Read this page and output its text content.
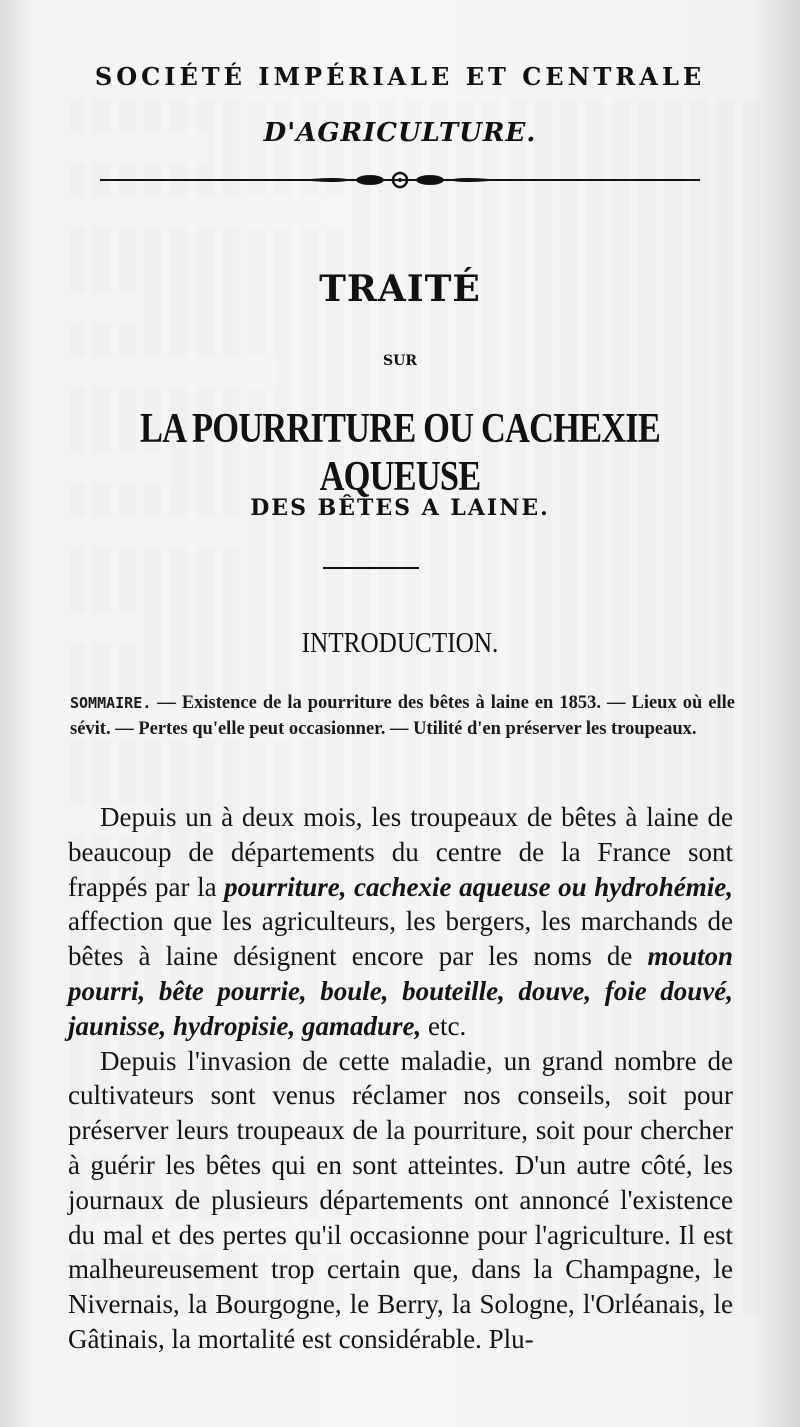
SOCIÉTÉ IMPÉRIALE ET CENTRALE
D'AGRICULTURE.
TRAITÉ
SUR
LA POURRITURE OU CACHEXIE AQUEUSE
DES BÊTES A LAINE.
INTRODUCTION.
SOMMAIRE. — Existence de la pourriture des bêtes à laine en 1853. — Lieux où elle sévit. — Pertes qu'elle peut occasionner. — Utilité d'en préserver les troupeaux.

Depuis un à deux mois, les troupeaux de bêtes à laine de beaucoup de départements du centre de la France sont frappés par la pourriture, cachexie aqueuse ou hydrohémie, affection que les agriculteurs, les bergers, les marchands de bêtes à laine désignent encore par les noms de mouton pourri, bête pourrie, boule, bouteille, douve, foie douvé, jaunisse, hydropisie, gamadure, etc.

Depuis l'invasion de cette maladie, un grand nombre de cultivateurs sont venus réclamer nos conseils, soit pour préserver leurs troupeaux de la pourriture, soit pour chercher à guérir les bêtes qui en sont atteintes. D'un autre côté, les journaux de plusieurs départements ont annoncé l'existence du mal et des pertes qu'il occasionne pour l'agriculture. Il est malheureusement trop certain que, dans la Champagne, le Nivernais, la Bourgogne, le Berry, la Sologne, l'Orléanais, le Gâtinais, la mortalité est considérable. Plu-
